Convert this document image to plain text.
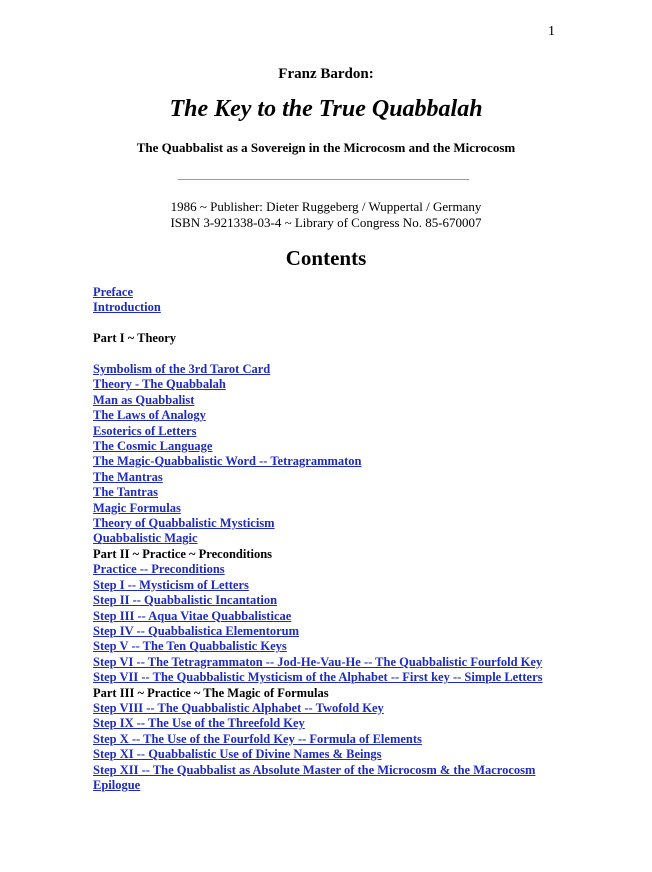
1
Franz Bardon:
The Key to the True Quabbalah
The Quabbalist as a Sovereign in the Microcosm and the Microcosm
1986 ~ Publisher: Dieter Ruggeberg / Wuppertal / Germany
ISBN 3-921338-03-4 ~ Library of Congress No. 85-670007
Contents
Preface
Introduction
Part I ~ Theory
Symbolism of the 3rd Tarot Card
Theory - The Quabbalah
Man as Quabbalist
The Laws of Analogy
Esoterics of Letters
The Cosmic Language
The Magic-Quabbalistic Word -- Tetragrammaton
The Mantras
The Tantras
Magic Formulas
Theory of Quabbalistic Mysticism
Quabbalistic Magic
Part II ~ Practice ~ Preconditions
Practice -- Preconditions
Step I -- Mysticism of Letters
Step II -- Quabbalistic Incantation
Step III -- Aqua Vitae Quabbalisticae
Step IV -- Quabbalistica Elementorum
Step V -- The Ten Quabbalistic Keys
Step VI -- The Tetragrammaton -- Jod-He-Vau-He -- The Quabbalistic Fourfold Key
Step VII -- The Quabbalistic Mysticism of the Alphabet -- First key -- Simple Letters
Part III ~ Practice ~ The Magic of Formulas
Step VIII -- The Quabbalistic Alphabet -- Twofold Key
Step IX -- The Use of the Threefold Key
Step X -- The Use of the Fourfold Key -- Formula of Elements
Step XI -- Quabbalistic Use of Divine Names & Beings
Step XII -- The Quabbalist as Absolute Master of the Microcosm & the Macrocosm
Epilogue
